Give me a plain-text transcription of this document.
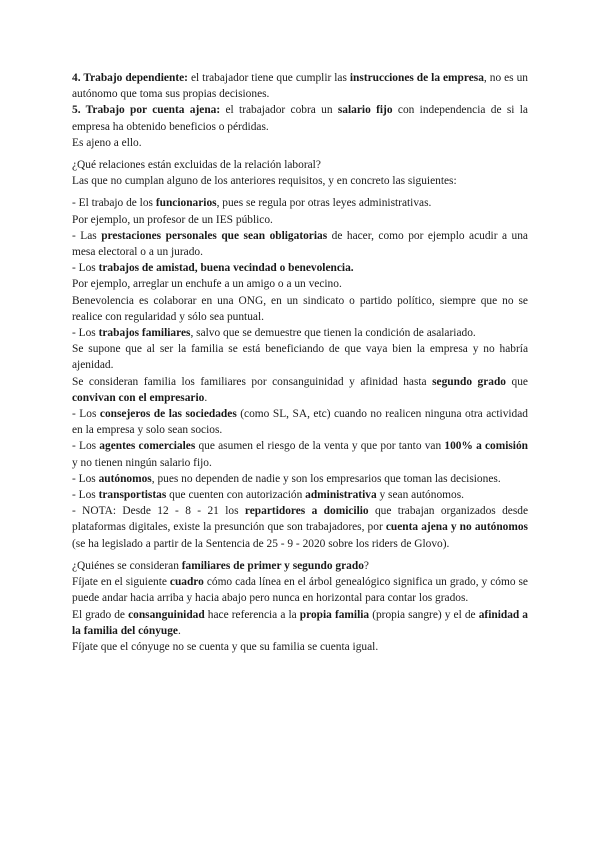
4. Trabajo dependiente: el trabajador tiene que cumplir las instrucciones de la empresa, no es un autónomo que toma sus propias decisiones.

5. Trabajo por cuenta ajena: el trabajador cobra un salario fijo con independencia de si la empresa ha obtenido beneficios o pérdidas.

Es ajeno a ello.

¿Qué relaciones están excluidas de la relación laboral?

Las que no cumplan alguno de los anteriores requisitos, y en concreto las siguientes:

- El trabajo de los funcionarios, pues se regula por otras leyes administrativas.

Por ejemplo, un profesor de un IES público.

- Las prestaciones personales que sean obligatorias de hacer, como por ejemplo acudir a una mesa electoral o a un jurado.

- Los trabajos de amistad, buena vecindad o benevolencia.

Por ejemplo, arreglar un enchufe a un amigo o a un vecino.

Benevolencia es colaborar en una ONG, en un sindicato o partido político, siempre que no se realice con regularidad y sólo sea puntual.

- Los trabajos familiares, salvo que se demuestre que tienen la condición de asalariado.

Se supone que al ser la familia se está beneficiando de que vaya bien la empresa y no habría ajenidad.

Se consideran familia los familiares por consanguinidad y afinidad hasta segundo grado que convivan con el empresario.

- Los consejeros de las sociedades (como SL, SA, etc) cuando no realicen ninguna otra actividad en la empresa y solo sean socios.

- Los agentes comerciales que asumen el riesgo de la venta y que por tanto van 100% a comisión y no tienen ningún salario fijo.

- Los autónomos, pues no dependen de nadie y son los empresarios que toman las decisiones.

- Los transportistas que cuenten con autorización administrativa y sean autónomos.

- NOTA: Desde 12 - 8 - 21 los repartidores a domicilio que trabajan organizados desde plataformas digitales, existe la presunción que son trabajadores, por cuenta ajena y no autónomos (se ha legislado a partir de la Sentencia de 25 - 9 - 2020 sobre los riders de Glovo).

¿Quiénes se consideran familiares de primer y segundo grado?

Fíjate en el siguiente cuadro cómo cada línea en el árbol genealógico significa un grado, y cómo se puede andar hacia arriba y hacia abajo pero nunca en horizontal para contar los grados.

El grado de consanguinidad hace referencia a la propia familia (propia sangre) y el de afinidad a la familia del cónyuge.

Fíjate que el cónyuge no se cuenta y que su familia se cuenta igual.
